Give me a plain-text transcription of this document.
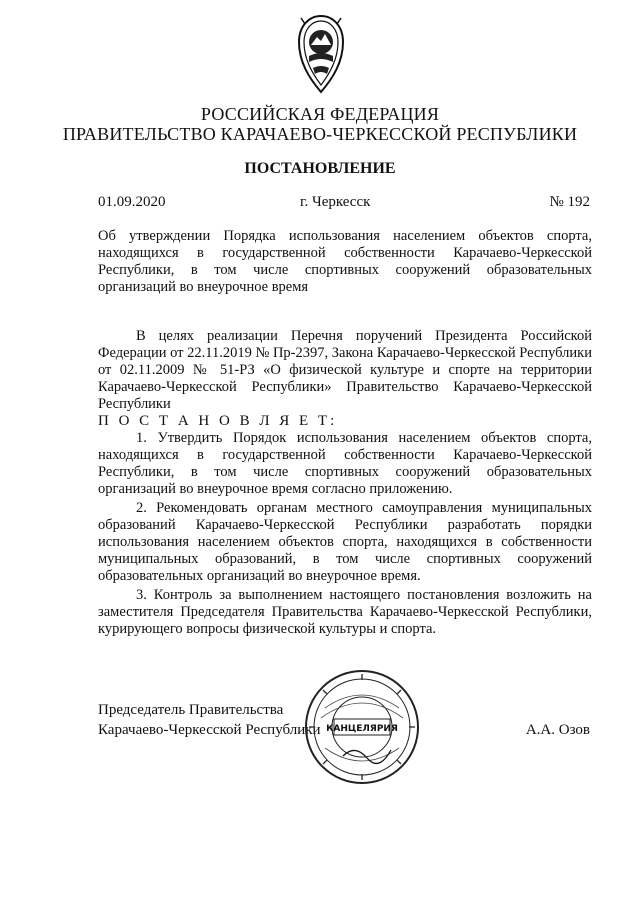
РОССИЙСКАЯ ФЕДЕРАЦИЯ
ПРАВИТЕЛЬСТВО КАРАЧАЕВО-ЧЕРКЕССКОЙ РЕСПУБЛИКИ
ПОСТАНОВЛЕНИЕ
01.09.2020	г. Черкесск	№ 192
Об утверждении Порядка использования населением объектов спорта, находящихся в государственной собственности Карачаево-Черкесской Республики, в том числе спортивных сооружений образовательных организаций во внеурочное время

В целях реализации Перечня поручений Президента Российской Федерации от 22.11.2019 № Пр-2397, Закона Карачаево-Черкесской Республики от 02.11.2009 № 51-РЗ «О физической культуре и спорте на территории Карачаево-Черкесской Республики» Правительство Карачаево-Черкесской Республики

П О С Т А Н О В Л Я Е Т:

1. Утвердить Порядок использования населением объектов спорта, находящихся в государственной собственности Карачаево-Черкесской Республики, в том числе спортивных сооружений образовательных организаций во внеурочное время согласно приложению.

2. Рекомендовать органам местного самоуправления муниципальных образований Карачаево-Черкесской Республики разработать порядки использования населением объектов спорта, находящихся в собственности муниципальных образований, в том числе спортивных сооружений образовательных организаций во внеурочное время.

3. Контроль за выполнением настоящего постановления возложить на заместителя Председателя Правительства Карачаево-Черкесской Республики, курирующего вопросы физической культуры и спорта.

Председатель Правительства
Карачаево-Черкесской Республики	А.А. Озов
КАНЦЕЛЯРИЯ
